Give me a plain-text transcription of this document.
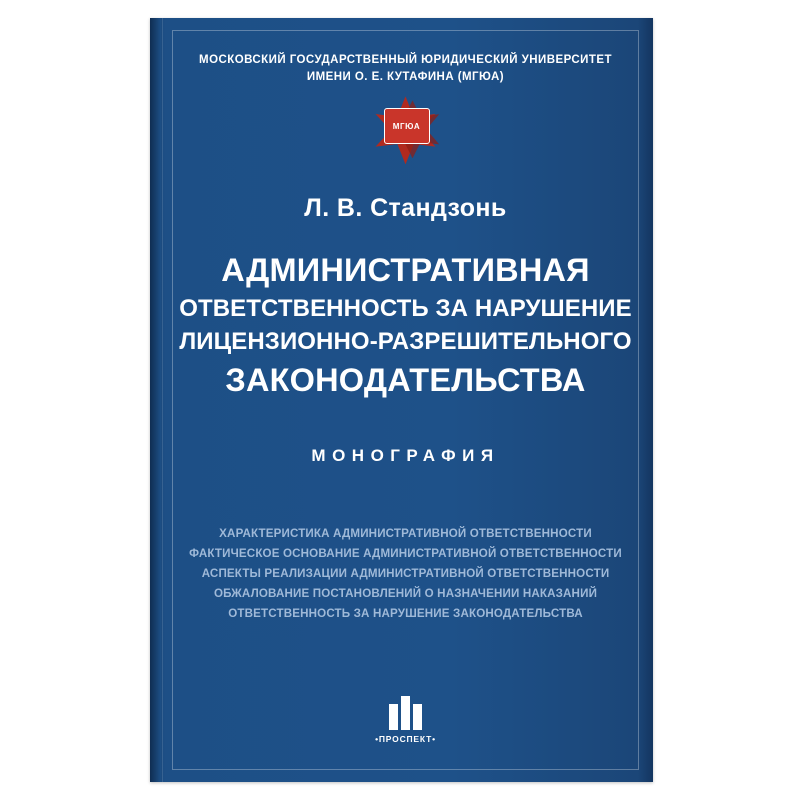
МОСКОВСКИЙ ГОСУДАРСТВЕННЫЙ ЮРИДИЧЕСКИЙ УНИВЕРСИТЕТ
ИМЕНИ О. Е. КУТАФИНА (МГЮА)
МГЮА
Л. В. Стандзонь
АДМИНИСТРАТИВНАЯ
ОТВЕТСТВЕННОСТЬ ЗА НАРУШЕНИЕ
ЛИЦЕНЗИОННО-РАЗРЕШИТЕЛЬНОГО
ЗАКОНОДАТЕЛЬСТВА
МОНОГРАФИЯ
ХАРАКТЕРИСТИКА АДМИНИСТРАТИВНОЙ ОТВЕТСТВЕННОСТИ
ФАКТИЧЕСКОЕ ОСНОВАНИЕ АДМИНИСТРАТИВНОЙ ОТВЕТСТВЕННОСТИ
АСПЕКТЫ РЕАЛИЗАЦИИ АДМИНИСТРАТИВНОЙ ОТВЕТСТВЕННОСТИ
ОБЖАЛОВАНИЕ ПОСТАНОВЛЕНИЙ О НАЗНАЧЕНИИ НАКАЗАНИЙ
ОТВЕТСТВЕННОСТЬ ЗА НАРУШЕНИЕ ЗАКОНОДАТЕЛЬСТВА
•ПРОСПЕКТ•
